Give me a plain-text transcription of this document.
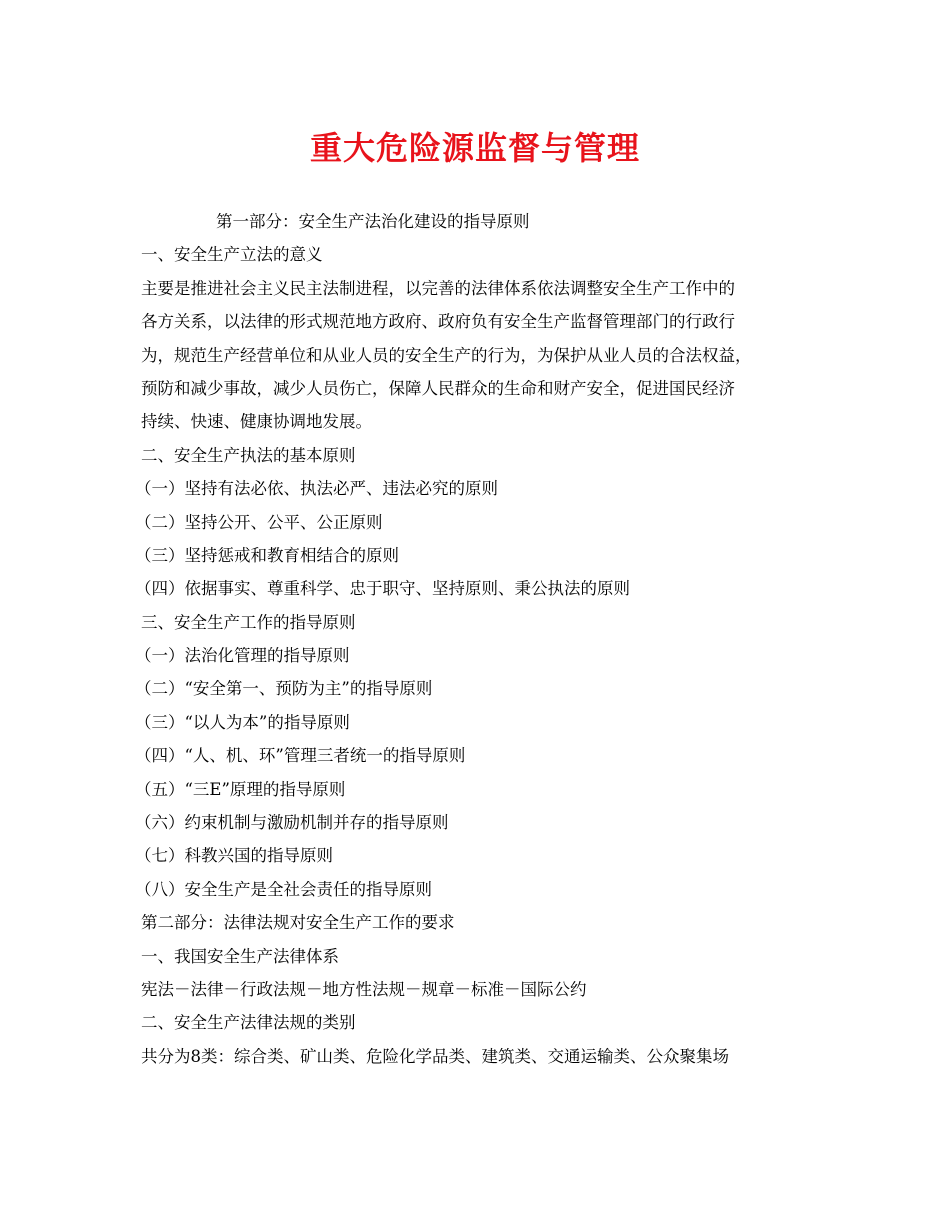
重大危险源监督与管理
第一部分：安全生产法治化建设的指导原则
一、安全生产立法的意义
主要是推进社会主义民主法制进程，以完善的法律体系依法调整安全生产工作中的
各方关系，以法律的形式规范地方政府、政府负有安全生产监督管理部门的行政行
为，规范生产经营单位和从业人员的安全生产的行为，为保护从业人员的合法权益，
预防和减少事故，减少人员伤亡，保障人民群众的生命和财产安全，促进国民经济
持续、快速、健康协调地发展。
二、安全生产执法的基本原则
（一）坚持有法必依、执法必严、违法必究的原则
（二）坚持公开、公平、公正原则
（三）坚持惩戒和教育相结合的原则
（四）依据事实、尊重科学、忠于职守、坚持原则、秉公执法的原则
三、安全生产工作的指导原则
（一）法治化管理的指导原则
（二）“安全第一、预防为主”的指导原则
（三）“以人为本”的指导原则
（四）“人、机、环”管理三者统一的指导原则
（五）“三E”原理的指导原则
（六）约束机制与激励机制并存的指导原则
（七）科教兴国的指导原则
（八）安全生产是全社会责任的指导原则
第二部分：法律法规对安全生产工作的要求
一、我国安全生产法律体系
宪法－法律－行政法规－地方性法规－规章－标准－国际公约
二、安全生产法律法规的类别
共分为8类：综合类、矿山类、危险化学品类、建筑类、交通运输类、公众聚集场
